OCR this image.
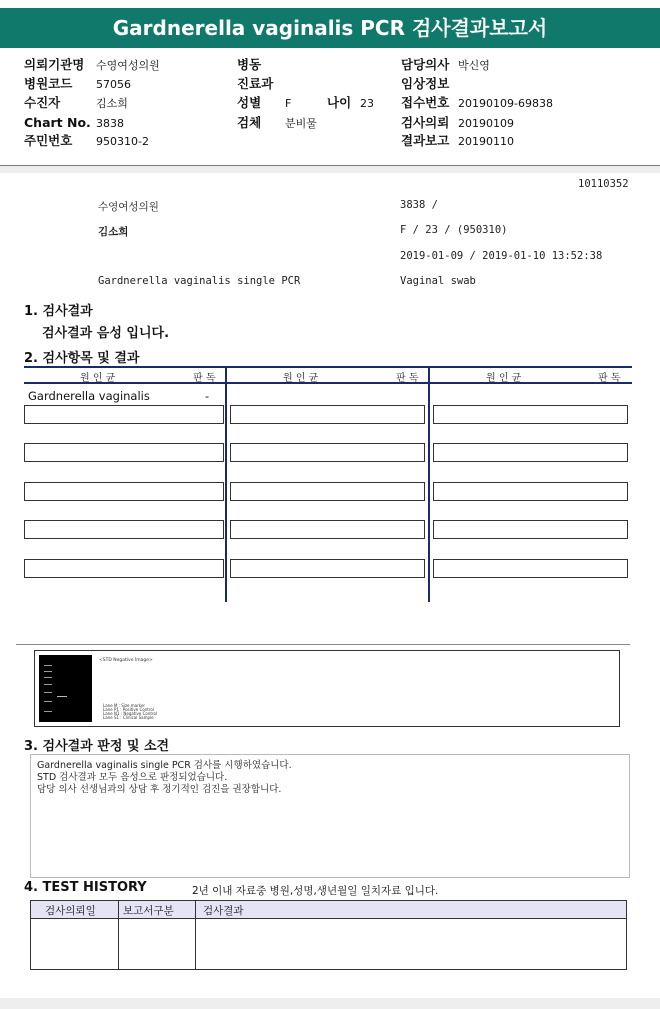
Gardnerella vaginalis PCR 검사결과보고서
의뢰기관명 수영여성의원
병원코드 57056
수진자	김소희
Chart No. 3838
주민번호 950310-2
병동
진료과
성별 F	나이 23
검체 분비물
담당의사 박신영
임상정보
접수번호 20190109-69838
검사의뢰 20190109
결과보고 20190110
10110352
수영여성의원	3838 /
김소희	F / 23 / (950310)
2019-01-09 / 2019-01-10 13:52:38
Gardnerella vaginalis single PCR	Vaginal swab
1. 검사결과
검사결과 음성 입니다.
2. 검사항목 및 결과
원 인 균	판 독	원 인 균	판 독	원 인 균	판 독
Gardnerella vaginalis	-
<STD Negative Image>
Lane M : Size marker
Lane P1 : Positive Control
Lane N1 : Negative Control
Lane S1 : Clinical Sample
3. 검사결과 판정 및 소견
Gardnerella vaginalis single PCR 검사를 시행하였습니다.
STD 검사결과 모두 음성으로 판정되었습니다.
담당 의사 선생님과의 상담 후 정기적인 검진을 권장합니다.
4. TEST HISTORY	2년 이내 자료중 병원,성명,생년월일 일치자료 입니다.
검사의뢰일	보고서구분	검사결과
